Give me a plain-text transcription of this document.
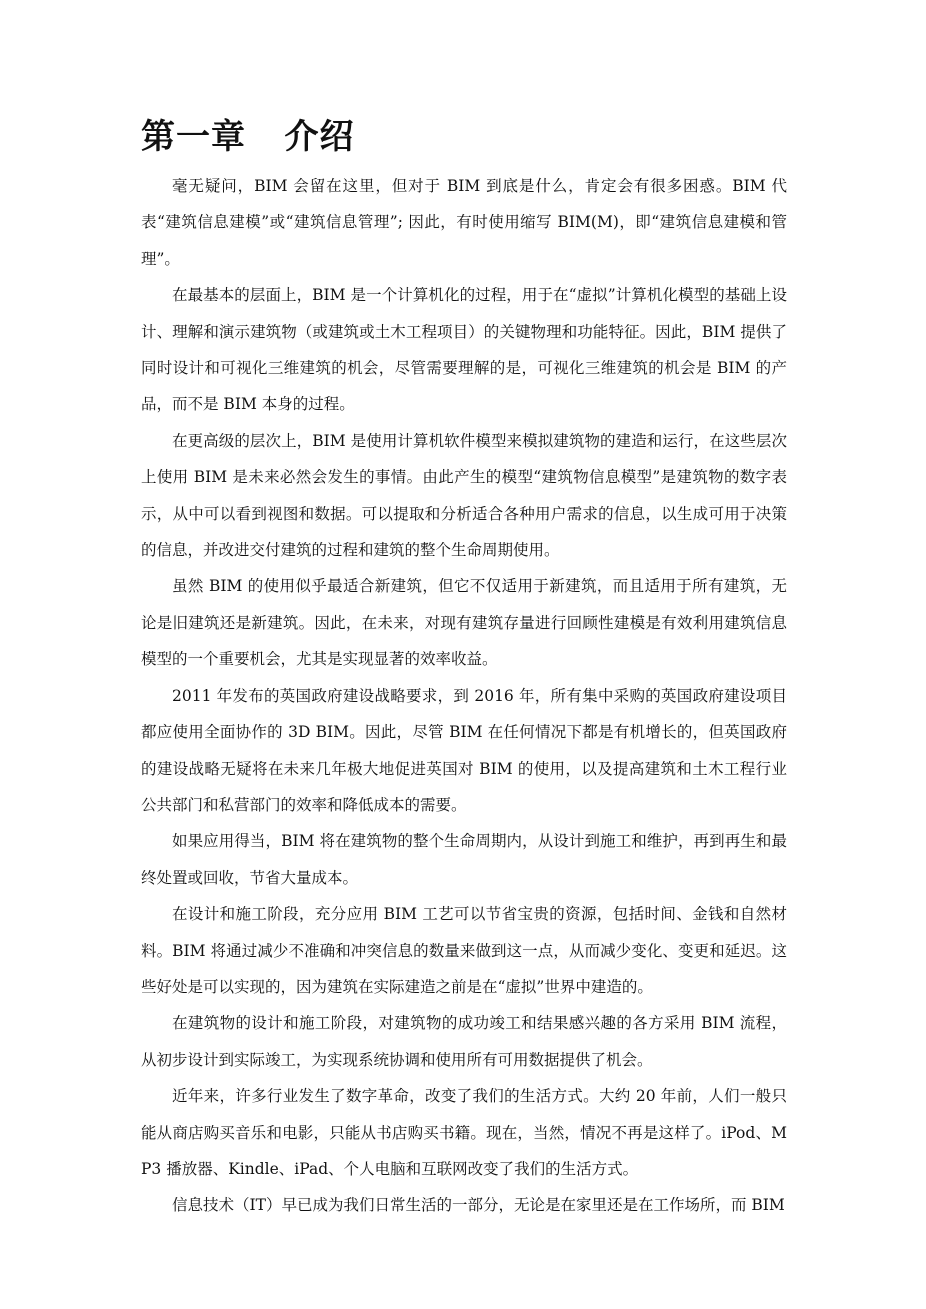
第一章   介绍

毫无疑问，BIM 会留在这里，但对于 BIM 到底是什么，肯定会有很多困惑。BIM 代表“建筑信息建模”或“建筑信息管理”; 因此，有时使用缩写 BIM(M)，即“建筑信息建模和管理”。

在最基本的层面上，BIM 是一个计算机化的过程，用于在“虚拟”计算机化模型的基础上设计、理解和演示建筑物（或建筑或土木工程项目）的关键物理和功能特征。因此，BIM 提供了同时设计和可视化三维建筑的机会，尽管需要理解的是，可视化三维建筑的机会是 BIM 的产品，而不是 BIM 本身的过程。

在更高级的层次上，BIM 是使用计算机软件模型来模拟建筑物的建造和运行，在这些层次上使用 BIM 是未来必然会发生的事情。由此产生的模型“建筑物信息模型”是建筑物的数字表示，从中可以看到视图和数据。可以提取和分析适合各种用户需求的信息，以生成可用于决策的信息，并改进交付建筑的过程和建筑的整个生命周期使用。

虽然 BIM 的使用似乎最适合新建筑，但它不仅适用于新建筑，而且适用于所有建筑，无论是旧建筑还是新建筑。因此，在未来，对现有建筑存量进行回顾性建模是有效利用建筑信息模型的一个重要机会，尤其是实现显著的效率收益。

2011 年发布的英国政府建设战略要求，到 2016 年，所有集中采购的英国政府建设项目都应使用全面协作的 3D BIM。因此，尽管 BIM 在任何情况下都是有机增长的，但英国政府的建设战略无疑将在未来几年极大地促进英国对 BIM 的使用，以及提高建筑和土木工程行业公共部门和私营部门的效率和降低成本的需要。

如果应用得当，BIM 将在建筑物的整个生命周期内，从设计到施工和维护，再到再生和最终处置或回收，节省大量成本。

在设计和施工阶段，充分应用 BIM 工艺可以节省宝贵的资源，包括时间、金钱和自然材料。BIM 将通过减少不准确和冲突信息的数量来做到这一点，从而减少变化、变更和延迟。这些好处是可以实现的，因为建筑在实际建造之前是在“虚拟”世界中建造的。

在建筑物的设计和施工阶段，对建筑物的成功竣工和结果感兴趣的各方采用 BIM 流程，从初步设计到实际竣工，为实现系统协调和使用所有可用数据提供了机会。

近年来，许多行业发生了数字革命，改变了我们的生活方式。大约 20 年前，人们一般只能从商店购买音乐和电影，只能从书店购买书籍。现在，当然，情况不再是这样了。iPod、MP3 播放器、Kindle、iPad、个人电脑和互联网改变了我们的生活方式。

信息技术（IT）早已成为我们日常生活的一部分，无论是在家里还是在工作场所，而 BIM
